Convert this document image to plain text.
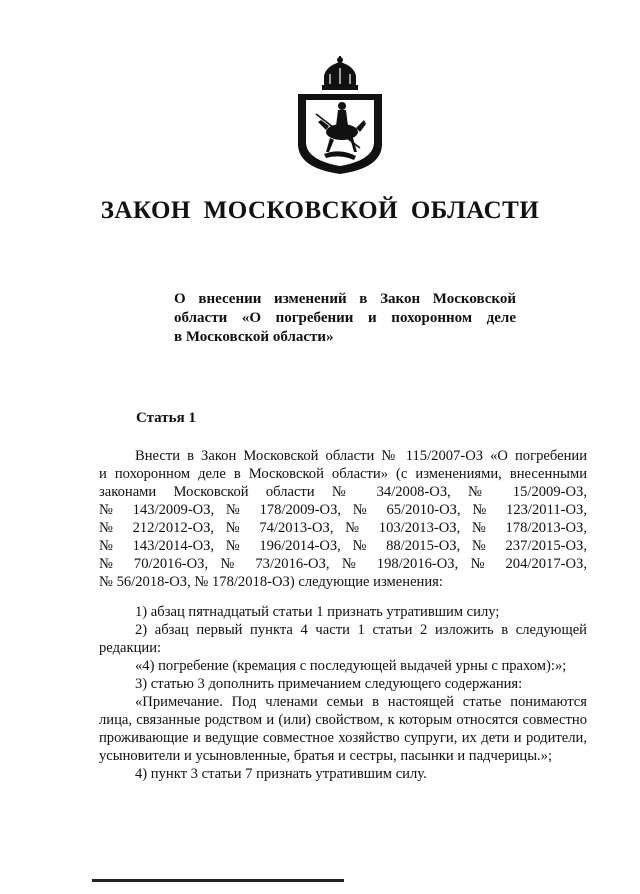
ЗАКОН МОСКОВСКОЙ ОБЛАСТИ
О внесении изменений в Закон Московской
области «О погребении и похоронном деле
в Московской области»
Статья 1
Внести в Закон Московской области № 115/2007-ОЗ «О погребении
и похоронном деле в Московской области» (с изменениями, внесенными
законами Московской области № 34/2008-ОЗ, № 15/2009-ОЗ,
№ 143/2009-ОЗ, № 178/2009-ОЗ, № 65/2010-ОЗ, № 123/2011-ОЗ,
№ 212/2012-ОЗ, № 74/2013-ОЗ, № 103/2013-ОЗ, № 178/2013-ОЗ,
№ 143/2014-ОЗ, № 196/2014-ОЗ, № 88/2015-ОЗ, № 237/2015-ОЗ,
№ 70/2016-ОЗ, № 73/2016-ОЗ, № 198/2016-ОЗ, № 204/2017-ОЗ,
№ 56/2018-ОЗ, № 178/2018-ОЗ) следующие изменения:
1) абзац пятнадцатый статьи 1 признать утратившим силу;
2) абзац первый пункта 4 части 1 статьи 2 изложить в следующей
редакции:
«4) погребение (кремация с последующей выдачей урны с прахом):»;
3) статью 3 дополнить примечанием следующего содержания:
«Примечание. Под членами семьи в настоящей статье понимаются
лица, связанные родством и (или) свойством, к которым относятся совместно
проживающие и ведущие совместное хозяйство супруги, их дети и родители,
усыновители и усыновленные, братья и сестры, пасынки и падчерицы.»;
4) пункт 3 статьи 7 признать утратившим силу.
